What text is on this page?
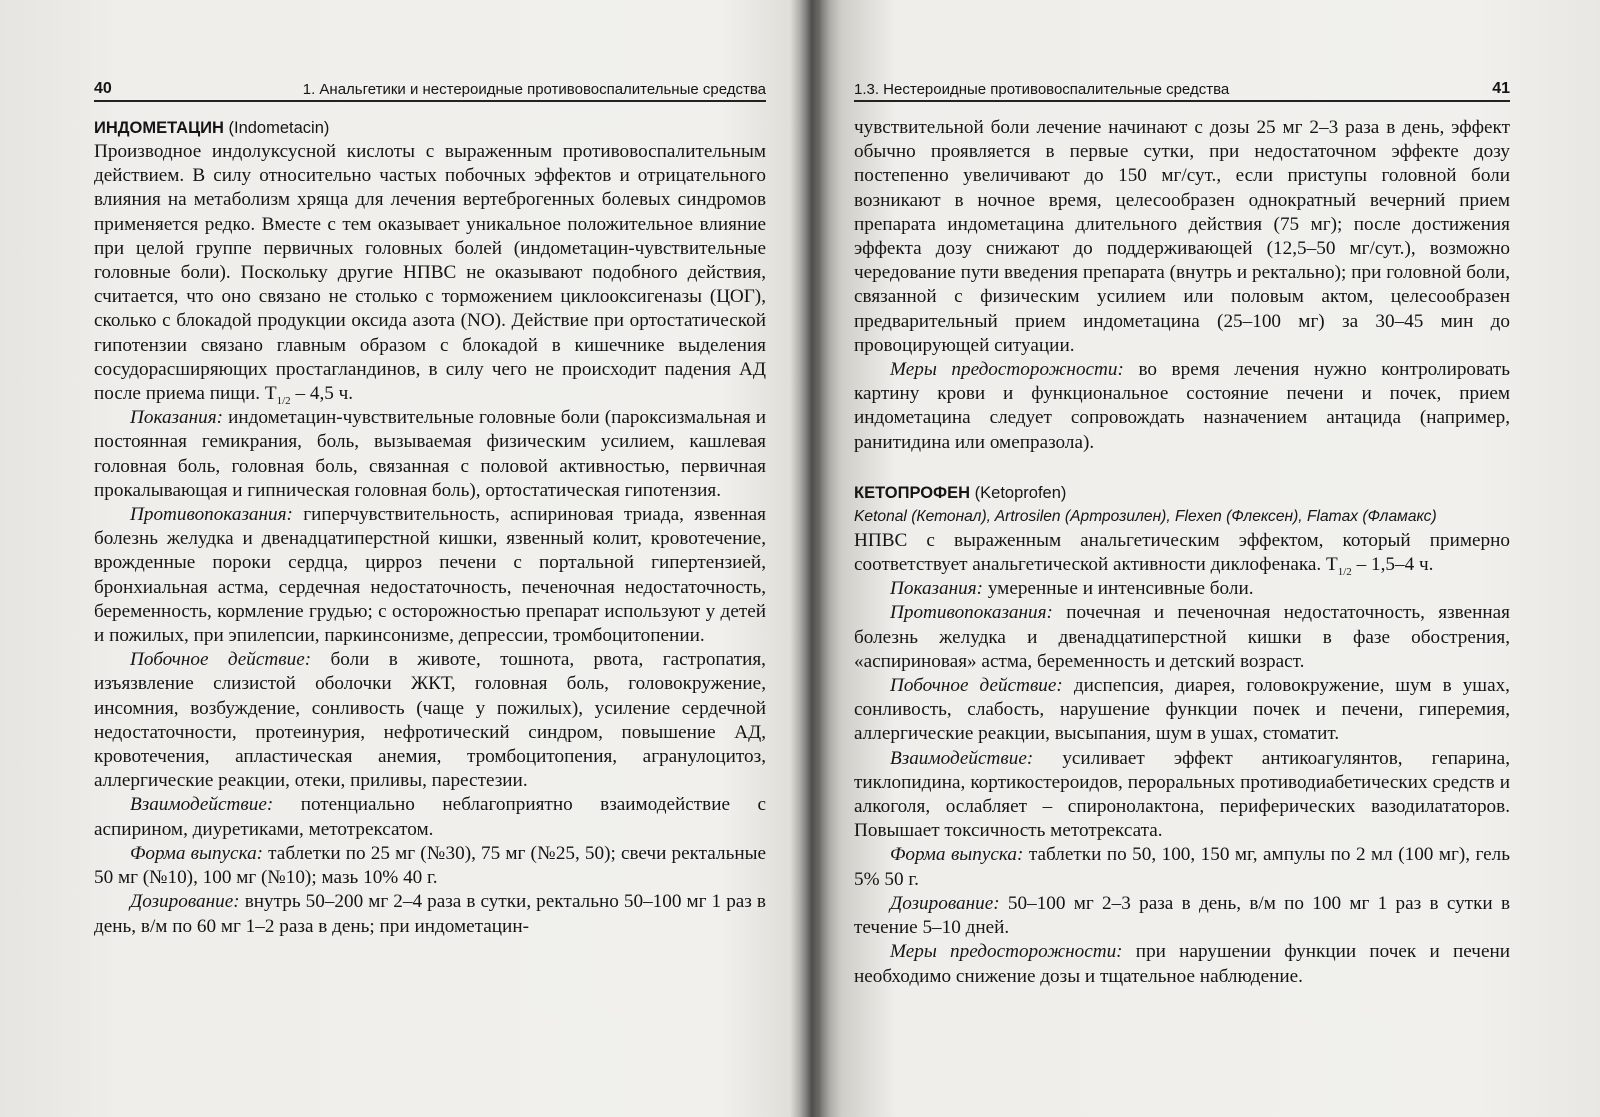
40	1. Анальгетики и нестероидные противовоспалительные средства

ИНДОМЕТАЦИН (Indometacin)

Производное индолуксусной кислоты с выраженным противовоспалительным действием. В силу относительно частых побочных эффектов и отрицательного влияния на метаболизм хряща для лечения вертеброгенных болевых синдромов применяется редко. Вместе с тем оказывает уникальное положительное влияние при целой группе первичных головных болей (индометацин-чувствительные головные боли). Поскольку другие НПВС не оказывают подобного действия, считается, что оно связано не столько с торможением циклооксигеназы (ЦОГ), сколько с блокадой продукции оксида азота (NO). Действие при ортостатической гипотензии связано главным образом с блокадой в кишечнике выделения сосудорасширяющих простагландинов, в силу чего не происходит падения АД после приема пищи. $T_{1/2} - 4,5$ ч.

Показания: индометацин-чувствительные головные боли (пароксизмальная и постоянная гемикрания, боль, вызываемая физическим усилием, кашлевая головная боль, головная боль, связанная с половой активностью, первичная прокалывающая и гипническая головная боль), ортостатическая гипотензия.

Противопоказания: гиперчувствительность, аспириновая триада, язвенная болезнь желудка и двенадцатиперстной кишки, язвенный колит, кровотечение, врожденные пороки сердца, цирроз печени с портальной гипертензией, бронхиальная астма, сердечная недостаточность, печеночная недостаточность, беременность, кормление грудью; с осторожностью препарат используют у детей и пожилых, при эпилепсии, паркинсонизме, депрессии, тромбоцитопении.

Побочное действие: боли в животе, тошнота, рвота, гастропатия, изъязвление слизистой оболочки ЖКТ, головная боль, головокружение, инсомния, возбуждение, сонливость (чаще у пожилых), усиление сердечной недостаточности, протеинурия, нефротический синдром, повышение АД, кровотечения, апластическая анемия, тромбоцитопения, агранулоцитоз, аллергические реакции, отеки, приливы, парестезии.

Взаимодействие: потенциально неблагоприятно взаимодействие с аспирином, диуретиками, метотрексатом.

Форма выпуска: таблетки по 25 мг (№30), 75 мг (№25, 50); свечи ректальные 50 мг (№10), 100 мг (№10); мазь 10% 40 г.

Дозирование: внутрь 50–200 мг 2–4 раза в сутки, ректально 50–100 мг 1 раз в день, в/м по 60 мг 1–2 раза в день; при индометацин-

1.3. Нестероидные противовоспалительные средства	41

чувствительной боли лечение начинают с дозы 25 мг 2–3 раза в день, эффект обычно проявляется в первые сутки, при недостаточном эффекте дозу постепенно увеличивают до 150 мг/сут., если приступы головной боли возникают в ночное время, целесообразен однократный вечерний прием препарата индометацина длительного действия (75 мг); после достижения эффекта дозу снижают до поддерживающей (12,5–50 мг/сут.), возможно чередование пути введения препарата (внутрь и ректально); при головной боли, связанной с физическим усилием или половым актом, целесообразен предварительный прием индометацина (25–100 мг) за 30–45 мин до провоцирующей ситуации.

Меры предосторожности: во время лечения нужно контролировать картину крови и функциональное состояние печени и почек, прием индометацина следует сопровождать назначением антацида (например, ранитидина или омепразола).

КЕТОПРОФЕН (Ketoprofen)

Ketonal (Кетонал), Artrosilen (Артрозилен), Flexen (Флексен), Flamax (Фламакс)

НПВС с выраженным анальгетическим эффектом, который примерно соответствует анальгетической активности диклофенака. $T_{1/2} - 1,5-4$ ч.

Показания: умеренные и интенсивные боли.

Противопоказания: почечная и печеночная недостаточность, язвенная болезнь желудка и двенадцатиперстной кишки в фазе обострения, «аспириновая» астма, беременность и детский возраст.

Побочное действие: диспепсия, диарея, головокружение, шум в ушах, сонливость, слабость, нарушение функции почек и печени, гиперемия, аллергические реакции, высыпания, шум в ушах, стоматит.

Взаимодействие: усиливает эффект антикоагулянтов, гепарина, тиклопидина, кортикостероидов, пероральных противодиабетических средств и алкоголя, ослабляет – спиронолактона, периферических вазодилататоров. Повышает токсичность метотрексата.

Форма выпуска: таблетки по 50, 100, 150 мг, ампулы по 2 мл (100 мг), гель 5% 50 г.

Дозирование: 50–100 мг 2–3 раза в день, в/м по 100 мг 1 раз в сутки в течение 5–10 дней.

Меры предосторожности: при нарушении функции почек и печени необходимо снижение дозы и тщательное наблюдение.
